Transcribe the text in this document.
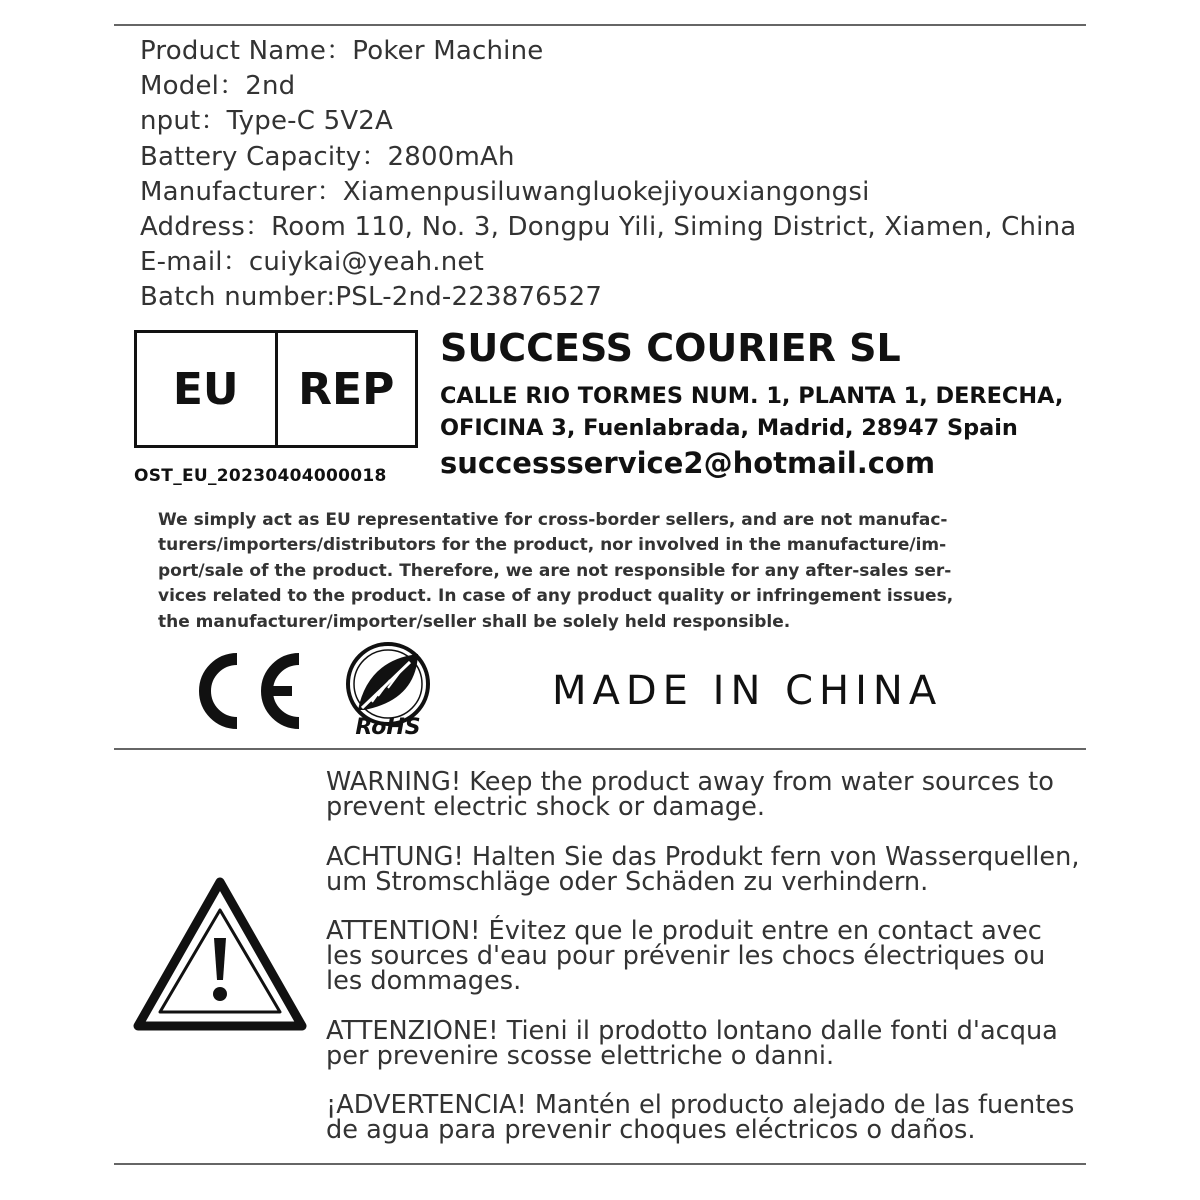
Product Name：Poker Machine
Model：2nd
nput：Type-C 5V2A
Battery Capacity：2800mAh
Manufacturer：Xiamenpusiluwangluokejiyouxiangongsi
Address：Room 110, No. 3, Dongpu Yili, Siming District, Xiamen, China
E-mail：cuiykai@yeah.net
Batch number:PSL-2nd-223876527
EU	REP
OST_EU_20230404000018
SUCCESS COURIER SL
CALLE RIO TORMES NUM. 1, PLANTA 1, DERECHA,
OFICINA 3, Fuenlabrada, Madrid, 28947 Spain
successservice2@hotmail.com
We simply act as EU representative for cross-border sellers, and are not manufac-
turers/importers/distributors for the product, nor involved in the manufacture/im-
port/sale of the product. Therefore, we are not responsible for any after-sales ser-
vices related to the product. In case of any product quality or infringement issues,
the manufacturer/importer/seller shall be solely held responsible.
RoHS
MADE IN CHINA
WARNING! Keep the product away from water sources to
prevent electric shock or damage.
ACHTUNG! Halten Sie das Produkt fern von Wasserquellen,
um Stromschläge oder Schäden zu verhindern.
ATTENTION! Évitez que le produit entre en contact avec
les sources d'eau pour prévenir les chocs électriques ou
les dommages.
ATTENZIONE! Tieni il prodotto lontano dalle fonti d'acqua
per prevenire scosse elettriche o danni.
¡ADVERTENCIA! Mantén el producto alejado de las fuentes
de agua para prevenir choques eléctricos o daños.
